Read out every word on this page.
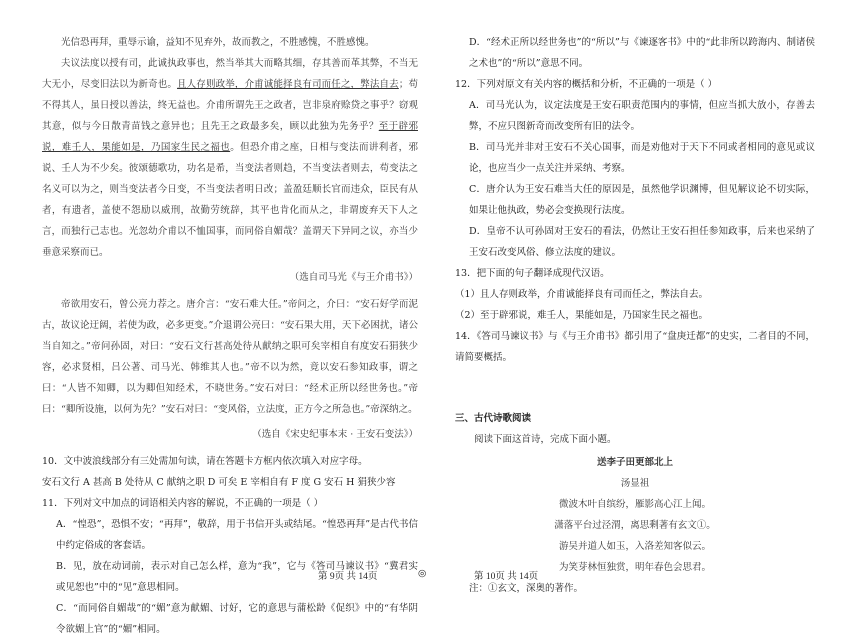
光信恐再拜，重辱示谕，益知不见弃外，故而教之，不胜感愧，不胜感愧。

夫议法度以授有司，此诚执政事也，然当举其大而略其细，存其善而革其弊，不当无大无小，尽变旧法以为新奇也。且人存则政举，介甫诚能择良有司而任之，弊法自去；苟不得其人，虽日授以善法，终无益也。介甫所谓先王之政者，岂非泉府赊贷之事乎？窃观其意，似与今日散青苗钱之意异也；且先王之政最多矣，顾以此独为先务乎？至于辟邪说，难壬人，果能如是，乃国家生民之福也。但恐介甫之座，日相与变法而讲利者，邪说、壬人为不少矣。彼颂德歌功，功名是希，当变法者则趋，不当变法者则去，苟变法之名义可以为之，则当变法者今日变，不当变法者明日改；盖盈廷顺长官而违众，臣民有从者，有遗者，盖使不怨励以威刑，故勤劳统辞，其平也肯化而从之，非谓废弃天下人之言，而独行己志也。光忽幼介甫以不恤国事，而同俗自媚哉？盖谓天下异同之议，亦当少垂意采察而已。

（选自司马光《与王介甫书》）

帝欲用安石，曾公亮力荐之。唐介言：“安石难大任。”帝问之，介曰：“安石好学而泥古，故议论迂阔，若使为政，必多更变。”介退谓公亮曰：“安石果大用，天下必困扰，诸公当自知之。”帝问孙固，对曰：“安石文行甚高处待从献纳之职可矣宰相自有度安石狷狭少容，必求贤相，吕公著、司马光、韩维其人也。”帝不以为然，竟以安石参知政事，谓之曰：“人皆不知卿，以为卿但知经术，不晓世务。”安石对曰：“经术正所以经世务也。”帝曰：“卿所设施，以何为先？”安石对曰：“变风俗，立法度，正方今之所急也。”帝深纳之。

（选自《宋史纪事本末 · 王安石变法》）

10．文中波浪线部分有三处需加句读，请在答题卡方框内依次填入对应字母。

安石文行 A 甚高 B 处待从 C 献纳之职 D 可矣 E 宰相自有 F 度 G 安石 H 狷狭少容

11．下列对文中加点的词语相关内容的解说，不正确的一项是（ ）

A．“惶恐”，恐惧不安；“再拜”，敬辞，用于书信开头或结尾。“惶恐再拜”是古代书信中约定俗成的客套话。

B．见，放在动词前，表示对自己怎么样，意为“我”，它与《答司马谏议书》“冀君实或见恕也”中的“见”意思相同。

C．“而同俗自媚哉”的“媚”意为献媚、讨好，它的意思与蒲松龄《促织》中的“有华阴令欲媚上官”的“媚”相同。

D．“经术正所以经世务也”的“所以”与《谏逐客书》中的“此非所以跨海内、制诸侯之术也”的“所以”意思不同。

12．下列对原文有关内容的概括和分析，不正确的一项是（ ）

A．司马光认为，议定法度是王安石职责范围内的事情，但应当抓大放小，存善去弊，不应只图新奇而改变所有旧的法令。

B．司马光并非对王安石不关心国事，而是劝他对于天下不同或者相同的意见或议论，也应当少一点关注并采纳、考察。

C．唐介认为王安石难当大任的原因是，虽然他学识渊博，但见解议论不切实际，如果让他执政，势必会变换现行法度。

D．皇帝不认可孙固对王安石的看法，仍然让王安石担任参知政事，后来也采纳了王安石改变风俗、修立法度的建议。

13．把下面的句子翻译成现代汉语。

（1）且人存则政举，介甫诚能择良有司而任之，弊法自去。

（2）至于辟邪说，难壬人，果能如是，乃国家生民之福也。

14．《答司马谏议书》与《与王介甫书》都引用了“盘庚迁都”的史实，二者目的不同，请简要概括。

三、古代诗歌阅读

阅读下面这首诗，完成下面小题。

送李子田更部北上

汤显祖

微波木叶自缤纷，雁影高心江上闻。

潇落平台过泾渭，离思剩著有玄文①。

游吴并道人如玉，入洛差知客似云。

为笑芽林恒独赏，明年春色会思君。

注：①玄文，深奥的著作。

第 9页 共 14页	◎	第 10页 共 14页
